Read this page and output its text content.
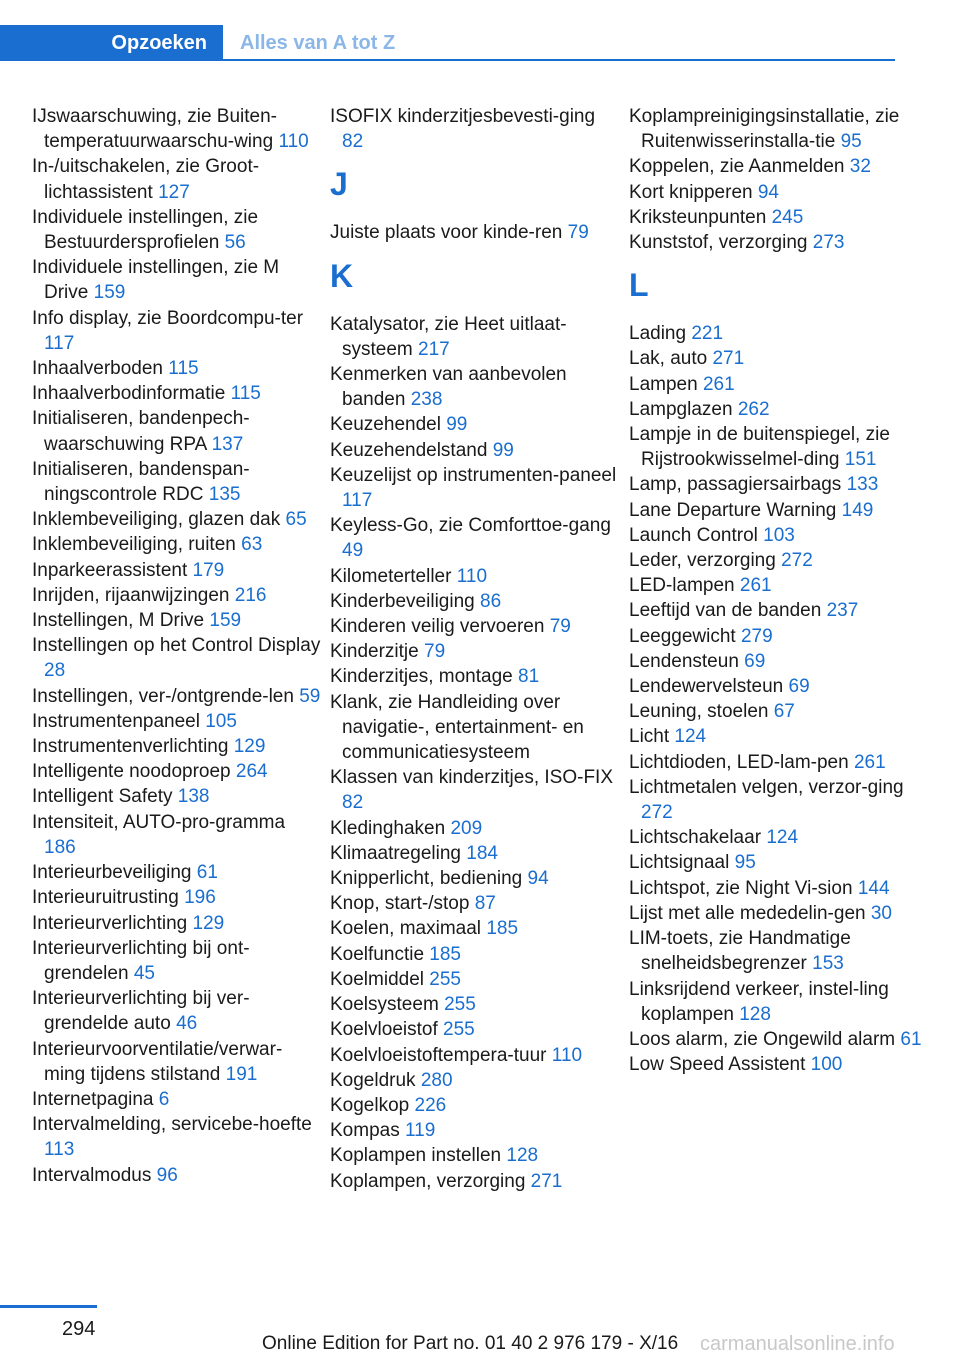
Opzoeken	Alles van A tot Z
IJswaarschuwing, zie Buiten-temperatuurwaarschu-wing 110
In-/uitschakelen, zie Groot-lichtassistent 127
Individuele instellingen, zie Bestuurdersprofielen 56
Individuele instellingen, zie M Drive 159
Info display, zie Boordcompu-ter 117
Inhaalverboden 115
Inhaalverbodinformatie 115
Initialiseren, bandenpech-waarschuwing RPA 137
Initialiseren, bandenspan-ningscontrole RDC 135
Inklembeveiliging, glazen dak 65
Inklembeveiliging, ruiten 63
Inparkeerassistent 179
Inrijden, rijaanwijzingen 216
Instellingen, M Drive 159
Instellingen op het Control Display 28
Instellingen, ver-/ontgrende-len 59
Instrumentenpaneel 105
Instrumentenverlichting 129
Intelligente noodoproep 264
Intelligent Safety 138
Intensiteit, AUTO-pro-gramma 186
Interieurbeveiliging 61
Interieuruitrusting 196
Interieurverlichting 129
Interieurverlichting bij ont-grendelen 45
Interieurverlichting bij ver-grendelde auto 46
Interieurvoorventilatie/verwar-ming tijdens stilstand 191
Internetpagina 6
Intervalmelding, servicebe-hoefte 113
Intervalmodus 96
ISOFIX kinderzitjesbevesti-ging 82
J
Juiste plaats voor kinde-ren 79
K
Katalysator, zie Heet uitlaat-systeem 217
Kenmerken van aanbevolen banden 238
Keuzehendel 99
Keuzehendelstand 99
Keuzelijst op instrumenten-paneel 117
Keyless-Go, zie Comforttoe-gang 49
Kilometerteller 110
Kinderbeveiliging 86
Kinderen veilig vervoeren 79
Kinderzitje 79
Kinderzitjes, montage 81
Klank, zie Handleiding over navigatie-, entertainment- en communicatiesysteem
Klassen van kinderzitjes, ISO-FIX 82
Kledinghaken 209
Klimaatregeling 184
Knipperlicht, bediening 94
Knop, start-/stop 87
Koelen, maximaal 185
Koelfunctie 185
Koelmiddel 255
Koelsysteem 255
Koelvloeistof 255
Koelvloeistoftempera-tuur 110
Kogeldruk 280
Kogelkop 226
Kompas 119
Koplampen instellen 128
Koplampen, verzorging 271
Koplampreinigingsinstallatie, zie Ruitenwisserinstalla-tie 95
Koppelen, zie Aanmelden 32
Kort knipperen 94
Kriksteunpunten 245
Kunststof, verzorging 273
L
Lading 221
Lak, auto 271
Lampen 261
Lampglazen 262
Lampje in de buitenspiegel, zie Rijstrookwisselmel-ding 151
Lamp, passagiersairbags 133
Lane Departure Warning 149
Launch Control 103
Leder, verzorging 272
LED-lampen 261
Leeftijd van de banden 237
Leeggewicht 279
Lendensteun 69
Lendewervelsteun 69
Leuning, stoelen 67
Licht 124
Lichtdioden, LED-lam-pen 261
Lichtmetalen velgen, verzor-ging 272
Lichtschakelaar 124
Lichtsignaal 95
Lichtspot, zie Night Vi-sion 144
Lijst met alle mededelin-gen 30
LIM-toets, zie Handmatige snelheidsbegrenzer 153
Linksrijdend verkeer, instel-ling koplampen 128
Loos alarm, zie Ongewild alarm 61
Low Speed Assistent 100
294
Online Edition for Part no. 01 40 2 976 179 - X/16 carmanualsonline.info
